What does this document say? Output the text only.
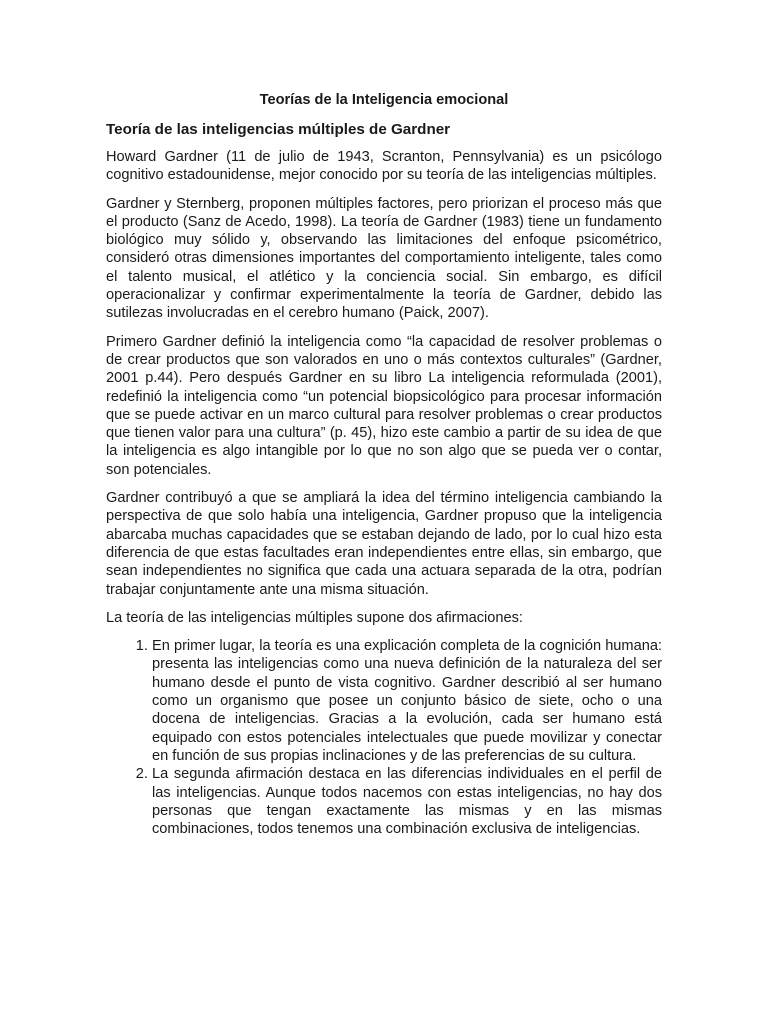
Teorías de la Inteligencia emocional
Teoría de las inteligencias múltiples de Gardner

Howard Gardner (11 de julio de 1943, Scranton, Pennsylvania) es un psicólogo cognitivo estadounidense, mejor conocido por su teoría de las inteligencias múltiples.

Gardner y Sternberg, proponen múltiples factores, pero priorizan el proceso más que el producto (Sanz de Acedo, 1998). La teoría de Gardner (1983) tiene un fundamento biológico muy sólido y, observando las limitaciones del enfoque psicométrico, consideró otras dimensiones importantes del comportamiento inteligente, tales como el talento musical, el atlético y la conciencia social. Sin embargo, es difícil operacionalizar y confirmar experimentalmente la teoría de Gardner, debido las sutilezas involucradas en el cerebro humano (Paick, 2007).

Primero Gardner definió la inteligencia como “la capacidad de resolver problemas o de crear productos que son valorados en uno o más contextos culturales” (Gardner, 2001 p.44). Pero después Gardner en su libro La inteligencia reformulada (2001), redefinió la inteligencia como “un potencial biopsicológico para procesar información que se puede activar en un marco cultural para resolver problemas o crear productos que tienen valor para una cultura” (p. 45), hizo este cambio a partir de su idea de que la inteligencia es algo intangible por lo que no son algo que se pueda ver o contar, son potenciales.

Gardner contribuyó a que se ampliará la idea del término inteligencia cambiando la perspectiva de que solo había una inteligencia, Gardner propuso que la inteligencia abarcaba muchas capacidades que se estaban dejando de lado, por lo cual hizo esta diferencia de que estas facultades eran independientes entre ellas, sin embargo, que sean independientes no significa que cada una actuara separada de la otra, podrían trabajar conjuntamente ante una misma situación.

La teoría de las inteligencias múltiples supone dos afirmaciones:

1. En primer lugar, la teoría es una explicación completa de la cognición humana: presenta las inteligencias como una nueva definición de la naturaleza del ser humano desde el punto de vista cognitivo. Gardner describió al ser humano como un organismo que posee un conjunto básico de siete, ocho o una docena de inteligencias. Gracias a la evolución, cada ser humano está equipado con estos potenciales intelectuales que puede movilizar y conectar en función de sus propias inclinaciones y de las preferencias de su cultura.
2. La segunda afirmación destaca en las diferencias individuales en el perfil de las inteligencias. Aunque todos nacemos con estas inteligencias, no hay dos personas que tengan exactamente las mismas y en las mismas combinaciones, todos tenemos una combinación exclusiva de inteligencias.
